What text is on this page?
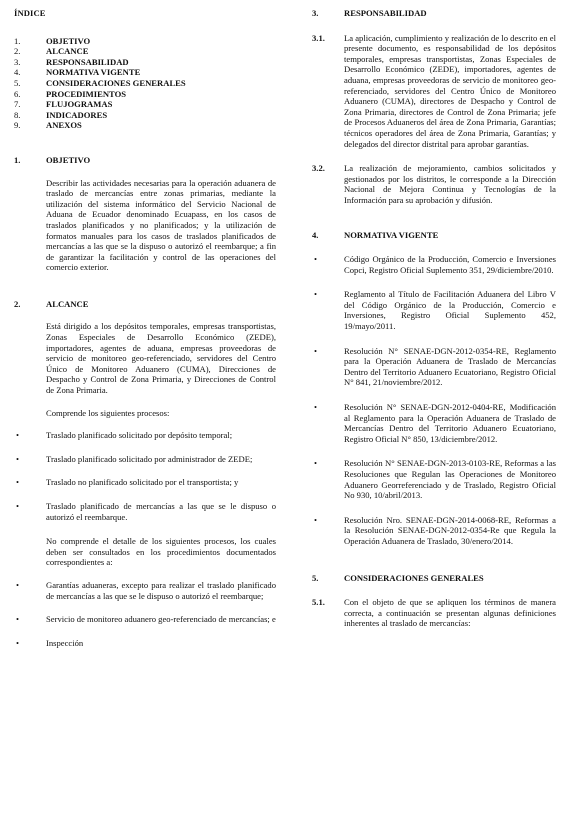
ÍNDICE
1.	OBJETIVO
2.	ALCANCE
3.	RESPONSABILIDAD
4.	NORMATIVA VIGENTE
5.	CONSIDERACIONES GENERALES
6.	PROCEDIMIENTOS
7.	FLUJOGRAMAS
8.	INDICADORES
9.	ANEXOS
1.	OBJETIVO
Describir las actividades necesarias para la operación aduanera de traslado de mercancías entre zonas primarias, mediante la utilización del sistema informático del Servicio Nacional de Aduana de Ecuador denominado Ecuapass, en los casos de traslados planificados y no planificados; y la utilización de formatos manuales para los casos de traslados planificados de mercancías a las que se la dispuso o autorizó el reembarque; a fin de garantizar la facilitación y control de las operaciones del comercio exterior.
2.	ALCANCE
Está dirigido a los depósitos temporales, empresas transportistas, Zonas Especiales de Desarrollo Económico (ZEDE), importadores, agentes de aduana, empresas proveedoras de servicio de monitoreo geo-referenciado, servidores del Centro Único de Monitoreo Aduanero (CUMA), Direcciones de Despacho y Control de Zona Primaria, y Direcciones de Control de Zona Primaria.
Comprende los siguientes procesos:
•	Traslado planificado solicitado por depósito temporal;
•	Traslado planificado solicitado por administrador de ZEDE;
•	Traslado no planificado solicitado por el transportista; y
•	Traslado planificado de mercancías a las que se le dispuso o autorizó el reembarque.
No comprende el detalle de los siguientes procesos, los cuales deben ser consultados en los procedimientos documentados correspondientes a:
•	Garantías aduaneras, excepto para realizar el traslado planificado de mercancías a las que se le dispuso o autorizó el reembarque;
•	Servicio de monitoreo aduanero geo-referenciado de mercancías; e
•	Inspección
3.	RESPONSABILIDAD
3.1.	La aplicación, cumplimiento y realización de lo descrito en el presente documento, es responsabilidad de los depósitos temporales, empresas transportistas, Zonas Especiales de Desarrollo Económico (ZEDE), importadores, agentes de aduana, empresas proveedoras de servicio de monitoreo geo-referenciado, servidores del Centro Único de Monitoreo Aduanero (CUMA), directores de Despacho y Control de Zona Primaria, directores de Control de Zona Primaria; jefe de Procesos Aduaneros del área de Zona Primaria, Garantías; técnicos operadores del área de Zona Primaria, Garantías; y delegados del director distrital para aprobar garantías.
3.2.	La realización de mejoramiento, cambios solicitados y gestionados por los distritos, le corresponde a la Dirección Nacional de Mejora Continua y Tecnologías de la Información para su aprobación y difusión.
4.	NORMATIVA VIGENTE
•	Código Orgánico de la Producción, Comercio e Inversiones Copci, Registro Oficial Suplemento 351, 29/diciembre/2010.
•	Reglamento al Título de Facilitación Aduanera del Libro V del Código Orgánico de la Producción, Comercio e Inversiones, Registro Oficial Suplemento 452, 19/mayo/2011.
•	Resolución N° SENAE-DGN-2012-0354-RE, Reglamento para la Operación Aduanera de Traslado de Mercancías Dentro del Territorio Aduanero Ecuatoriano, Registro Oficial N° 841, 21/noviembre/2012.
•	Resolución N° SENAE-DGN-2012-0404-RE, Modificación al Reglamento para la Operación Aduanera de Traslado de Mercancías Dentro del Territorio Aduanero Ecuatoriano, Registro Oficial N° 850, 13/diciembre/2012.
•	Resolución N° SENAE-DGN-2013-0103-RE, Reformas a las Resoluciones que Regulan las Operaciones de Monitoreo Aduanero Georreferenciado y de Traslado, Registro Oficial No 930, 10/abril/2013.
•	Resolución Nro. SENAE-DGN-2014-0068-RE, Reformas a la Resolución SENAE-DGN-2012-0354-Re que Regula la Operación Aduanera de Traslado, 30/enero/2014.
5.	CONSIDERACIONES GENERALES
5.1.	Con el objeto de que se apliquen los términos de manera correcta, a continuación se presentan algunas definiciones inherentes al traslado de mercancías:
